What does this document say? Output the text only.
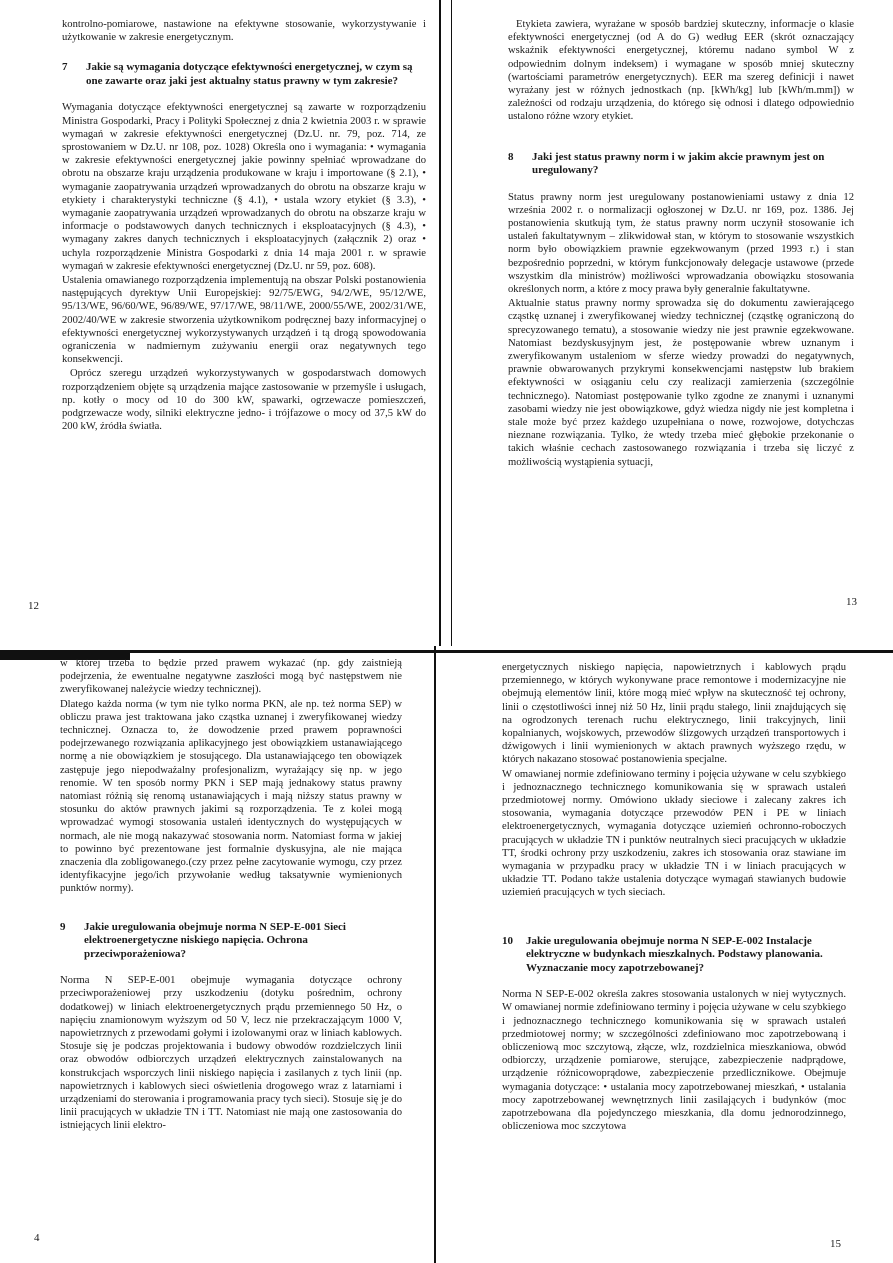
kontrolno-pomiarowe, nastawione na efektywne stosowanie, wykorzystywanie i użytkowanie w zakresie energetycznym.

7	Jakie są wymagania dotyczące efektywności energetycznej, w czym są one zawarte oraz jaki jest aktualny status prawny w tym zakresie?

Wymagania dotyczące efektywności energetycznej są zawarte w rozporządzeniu Ministra Gospodarki, Pracy i Polityki Społecznej z dnia 2 kwietnia 2003 r. w sprawie wymagań w zakresie efektywności energetycznej (Dz.U. nr. 79, poz. 714, ze sprostowaniem w Dz.U. nr 108, poz. 1028) Określa ono i wymagania: • wymagania w zakresie efektywności energetycznej jakie powinny spełniać wprowadzane do obrotu na obszarze kraju urządzenia produkowane w kraju i importowane (§ 2.1), • wymaganie zaopatrywania urządzeń wprowadzanych do obrotu na obszarze kraju w etykiety i charakterystyki techniczne (§ 4.1), • ustala wzory etykiet (§ 3.3), • wymaganie zaopatrywania urządzeń wprowadzanych do obrotu na obszarze kraju w informacje o podstawowych danych technicznych i eksploatacyjnych (§ 4.3), • wymagany zakres danych technicznych i eksploatacyjnych (załącznik 2) oraz • uchyla rozporządzenie Ministra Gospodarki z dnia 14 maja 2001 r. w sprawie wymagań w zakresie efektywności energetycznej (Dz.U. nr 59, poz. 608).

Ustalenia omawianego rozporządzenia implementują na obszar Polski postanowienia następujących dyrektyw Unii Europejskiej: 92/75/EWG, 94/2/WE, 95/12/WE, 95/13/WE, 96/60/WE, 96/89/WE, 97/17/WE, 98/11/WE, 2000/55/WE, 2002/31/WE, 2002/40/WE w zakresie stworzenia użytkownikom podręcznej bazy informacyjnej o efektywności energetycznej wykorzystywanych urządzeń i tą drogą spowodowania ograniczenia w nadmiernym zużywaniu energii oraz negatywnych tego konsekwencji.

Oprócz szeregu urządzeń wykorzystywanych w gospodarstwach domowych rozporządzeniem objęte są urządzenia mające zastosowanie w przemyśle i usługach, np. kotły o mocy od 10 do 300 kW, spawarki, ogrzewacze pomieszczeń, podgrzewacze wody, silniki elektryczne jedno- i trójfazowe o mocy od 37,5 kW do 200 kW, źródła światła.

12

Etykieta zawiera, wyrażane w sposób bardziej skuteczny, informacje o klasie efektywności energetycznej (od A do G) według EER (skrót oznaczający wskaźnik efektywności energetycznej, któremu nadano symbol W z odpowiednim dolnym indeksem) i wymagane w sposób mniej skuteczny (wartościami parametrów energetycznych). EER ma szereg definicji i nawet wyrażany jest w różnych jednostkach (np. [kWh/kg] lub [kWh/m.mm]) w zależności od rodzaju urządzenia, do którego się odnosi i dlatego odpowiednio ustalono różne wzory etykiet.

8	Jaki jest status prawny norm i w jakim akcie prawnym jest on uregulowany?

Status prawny norm jest uregulowany postanowieniami ustawy z dnia 12 września 2002 r. o normalizacji ogłoszonej w Dz.U. nr 169, poz. 1386. Jej postanowienia skutkują tym, że status prawny norm uczynił stosowanie ich ustaleń fakultatywnym – zlikwidował stan, w którym to stosowanie wszystkich norm było obowiązkiem prawnie egzekwowanym (przed 1993 r.) i stan bezpośrednio poprzedni, w którym funkcjonowały delegacje ustawowe (przede wszystkim dla ministrów) możliwości wprowadzania obowiązku stosowania określonych norm, a które z mocy prawa były generalnie fakultatywne.

Aktualnie status prawny normy sprowadza się do dokumentu zawierającego cząstkę uznanej i zweryfikowanej wiedzy technicznej (cząstkę ograniczoną do sprecyzowanego tematu), a stosowanie wiedzy nie jest prawnie egzekwowane. Natomiast bezdyskusyjnym jest, że postępowanie wbrew uznanym i zweryfikowanym ustaleniom w sferze wiedzy prowadzi do negatywnych, prawnie obwarowanych przykrymi konsekwencjami następstw lub brakiem efektywności w osiąganiu celu czy realizacji zamierzenia (szczególnie technicznego). Natomiast postępowanie tylko zgodne ze znanymi i uznanymi zasobami wiedzy nie jest obowiązkowe, gdyż wiedza nigdy nie jest kompletna i stale może być przez każdego uzupełniana o nowe, rozwojowe, dotychczas nieznane rozwiązania. Tylko, że wtedy trzeba mieć głębokie przekonanie o takich właśnie cechach zastosowanego rozwiązania i trzeba się liczyć z możliwością wystąpienia sytuacji,

13

w której trzeba to będzie przed prawem wykazać (np. gdy zaistnieją podejrzenia, że ewentualne negatywne zaszłości mogą być następstwem nie zweryfikowanej należycie wiedzy technicznej).

Dlatego każda norma (w tym nie tylko norma PKN, ale np. też norma SEP) w obliczu prawa jest traktowana jako cząstka uznanej i zweryfikowanej wiedzy technicznej. Oznacza to, że dowodzenie przed prawem poprawności podejrzewanego rozwiązania aplikacyjnego jest obowiązkiem ustanawiającego normę a nie obowiązkiem je stosującego. Dla ustanawiającego ten obowiązek zastępuje jego niepodważalny profesjonalizm, wyrażający się np. w jego renomie. W ten sposób normy PKN i SEP mają jednakowy status prawny natomiast różnią się renomą ustanawiających i mają niższy status prawny w stosunku do aktów prawnych jakimi są rozporządzenia. Te z kolei mogą wprowadzać wymogi stosowania ustaleń identycznych do występujących w normach, ale nie mogą nakazywać stosowania norm. Natomiast forma w jakiej to powinno być prezentowane jest formalnie dyskusyjna, ale nie mająca znaczenia dla zobligowanego.(czy przez pełne zacytowanie wymogu, czy przez identyfikacyjne jego/ich przywołanie według taksatywnie wymienionych punktów normy).

9	Jakie uregulowania obejmuje norma N SEP-E-001 Sieci elektroenergetyczne niskiego napięcia. Ochrona przeciwporażeniowa?

Norma N SEP-E-001 obejmuje wymagania dotyczące ochrony przeciwporażeniowej przy uszkodzeniu (dotyku pośrednim, ochrony dodatkowej) w liniach elektroenergetycznych prądu przemiennego 50 Hz, o napięciu znamionowym wyższym od 50 V, lecz nie przekraczającym 1000 V, napowietrznych z przewodami gołymi i izolowanymi oraz w liniach kablowych. Stosuje się je podczas projektowania i budowy obwodów rozdzielczych linii oraz obwodów odbiorczych urządzeń elektrycznych zainstalowanych na konstrukcjach wsporczych linii niskiego napięcia i zasilanych z tych linii (np. napowietrznych i kablowych sieci oświetlenia drogowego wraz z latarniami i urządzeniami do sterowania i programowania pracy tych sieci). Stosuje się je do linii pracujących w układzie TN i TT. Natomiast nie mają one zastosowania do istniejących linii elektro-

4

energetycznych niskiego napięcia, napowietrznych i kablowych prądu przemiennego, w których wykonywane prace remontowe i modernizacyjne nie obejmują elementów linii, które mogą mieć wpływ na skuteczność tej ochrony, linii o częstotliwości innej niż 50 Hz, linii prądu stałego, linii znajdujących się na ogrodzonych terenach ruchu elektrycznego, linii trakcyjnych, linii kopalnianych, wojskowych, przewodów ślizgowych urządzeń transportowych i dźwigowych i linii wymienionych w aktach prawnych wyższego rzędu, w których nakazano stosować postanowienia specjalne.

W omawianej normie zdefiniowano terminy i pojęcia używane w celu szybkiego i jednoznacznego technicznego komunikowania się w sprawach ustaleń przedmiotowej normy. Omówiono układy sieciowe i zalecany zakres ich stosowania, wymagania dotyczące przewodów PEN i PE w liniach elektroenergetycznych, wymagania dotyczące uziemień ochronno-roboczych pracujących w układzie TN i punktów neutralnych sieci pracujących w układzie TT, środki ochrony przy uszkodzeniu, zakres ich stosowania oraz stawiane im wymagania w przypadku pracy w układzie TN i w liniach pracujących w układzie TT. Podano także ustalenia dotyczące wymagań stawianych budowie uziemień pracujących w tych sieciach.

10	Jakie uregulowania obejmuje norma N SEP-E-002 Instalacje elektryczne w budynkach mieszkalnych. Podstawy planowania. Wyznaczanie mocy zapotrzebowanej?

Norma N SEP-E-002 określa zakres stosowania ustalonych w niej wytycznych. W omawianej normie zdefiniowano terminy i pojęcia używane w celu szybkiego i jednoznacznego technicznego komunikowania się w sprawach ustaleń przedmiotowej normy; w szczególności zdefiniowano moc zapotrzebowaną i obliczeniową moc szczytową, złącze, wlz, rozdzielnica mieszkaniowa, obwód odbiorczy, urządzenie pomiarowe, sterujące, zabezpieczenie nadprądowe, urządzenie różnicowoprądowe, zabezpieczenie przedlicznikowe. Obejmuje wymagania dotyczące: • ustalania mocy zapotrzebowanej mieszkań, • ustalania mocy zapotrzebowanej wewnętrznych linii zasilających i budynków (moc zapotrzebowana dla pojedynczego mieszkania, dla domu jednorodzinnego, obliczeniowa moc szczytowa

15
